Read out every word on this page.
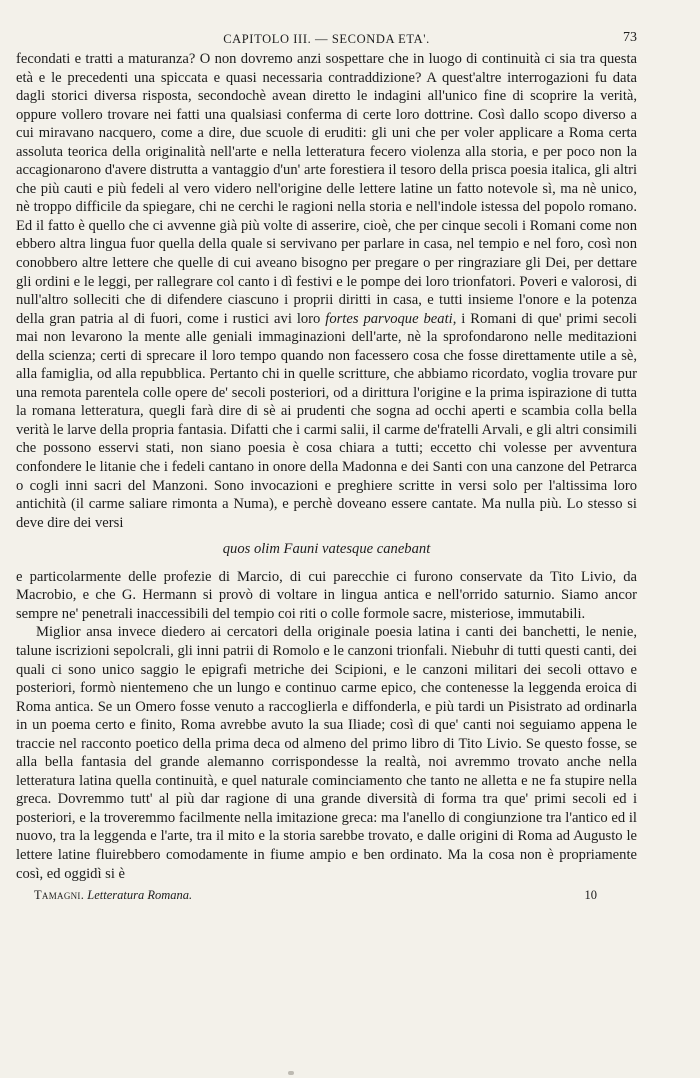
CAPITOLO III. — SECONDA ETA'.	73

fecondati e tratti a maturanza? O non dovremo anzi sospettare che in luogo di continuità ci sia tra questa età e le precedenti una spiccata e quasi necessaria contraddizione? A quest'altre interrogazioni fu data dagli storici diversa risposta, secondochè avean diretto le indagini all'unico fine di scoprire la verità, oppure vollero trovare nei fatti una qualsiasi conferma di certe loro dottrine. Così dallo scopo diverso a cui miravano nacquero, come a dire, due scuole di eruditi: gli uni che per voler applicare a Roma certa assoluta teorica della originalità nell'arte e nella letteratura fecero violenza alla storia, e per poco non la accagionarono d'avere distrutta a vantaggio d'un' arte forestiera il tesoro della prisca poesia italica, gli altri che più cauti e più fedeli al vero videro nell'origine delle lettere latine un fatto notevole sì, ma nè unico, nè troppo difficile da spiegare, chi ne cerchi le ragioni nella storia e nell'indole istessa del popolo romano. Ed il fatto è quello che ci avvenne già più volte di asserire, cioè, che per cinque secoli i Romani come non ebbero altra lingua fuor quella della quale si servivano per parlare in casa, nel tempio e nel foro, così non conobbero altre lettere che quelle di cui aveano bisogno per pregare o per ringraziare gli Dei, per dettare gli ordini e le leggi, per rallegrare col canto i dì festivi e le pompe dei loro trionfatori. Poveri e valorosi, di null'altro solleciti che di difendere ciascuno i proprii diritti in casa, e tutti insieme l'onore e la potenza della gran patria al di fuori, come i rustici avi loro fortes parvoque beati, i Romani di que' primi secoli mai non levarono la mente alle geniali immaginazioni dell'arte, nè la sprofondarono nelle meditazioni della scienza; certi di sprecare il loro tempo quando non facessero cosa che fosse direttamente utile a sè, alla famiglia, od alla repubblica. Pertanto chi in quelle scritture, che abbiamo ricordato, voglia trovare pur una remota parentela colle opere de' secoli posteriori, od a dirittura l'origine e la prima ispirazione di tutta la romana letteratura, quegli farà dire di sè ai prudenti che sogna ad occhi aperti e scambia colla bella verità le larve della propria fantasia. Difatti che i carmi salii, il carme de'fratelli Arvali, e gli altri consimili che possono esservi stati, non siano poesia è cosa chiara a tutti; eccetto chi volesse per avventura confondere le litanie che i fedeli cantano in onore della Madonna e dei Santi con una canzone del Petrarca o cogli inni sacri del Manzoni. Sono invocazioni e preghiere scritte in versi solo per l'altissima loro antichità (il carme saliare rimonta a Numa), e perchè doveano essere cantate. Ma nulla più. Lo stesso si deve dire dei versi

quos olim Fauni vatesque canebant

e particolarmente delle profezie di Marcio, di cui parecchie ci furono conservate da Tito Livio, da Macrobio, e che G. Hermann si provò di voltare in lingua antica e nell'orrido saturnio. Siamo ancor sempre ne' penetrali inaccessibili del tempio coi riti o colle formole sacre, misteriose, immutabili.

Miglior ansa invece diedero ai cercatori della originale poesia latina i canti dei banchetti, le nenie, talune iscrizioni sepolcrali, gli inni patrii di Romolo e le canzoni trionfali. Niebuhr di tutti questi canti, dei quali ci sono unico saggio le epigrafi metriche dei Scipioni, e le canzoni militari dei secoli ottavo e posteriori, formò nientemeno che un lungo e continuo carme epico, che contenesse la leggenda eroica di Roma antica. Se un Omero fosse venuto a raccoglierla e diffonderla, e più tardi un Pisistrato ad ordinarla in un poema certo e finito, Roma avrebbe avuto la sua Iliade; così di que' canti noi seguiamo appena le traccie nel racconto poetico della prima deca od almeno del primo libro di Tito Livio. Se questo fosse, se alla bella fantasia del grande alemanno corrispondesse la realtà, noi avremmo trovato anche nella letteratura latina quella continuità, e quel naturale cominciamento che tanto ne alletta e ne fa stupire nella greca. Dovremmo tutt' al più dar ragione di una grande diversità di forma tra que' primi secoli ed i posteriori, e la troveremmo facilmente nella imitazione greca: ma l'anello di congiunzione tra l'antico ed il nuovo, tra la leggenda e l'arte, tra il mito e la storia sarebbe trovato, e dalle origini di Roma ad Augusto le lettere latine fluirebbero comodamente in fiume ampio e ben ordinato. Ma la cosa non è propriamente così, ed oggidì si è

Tamagni. Letteratura Romana.	10
